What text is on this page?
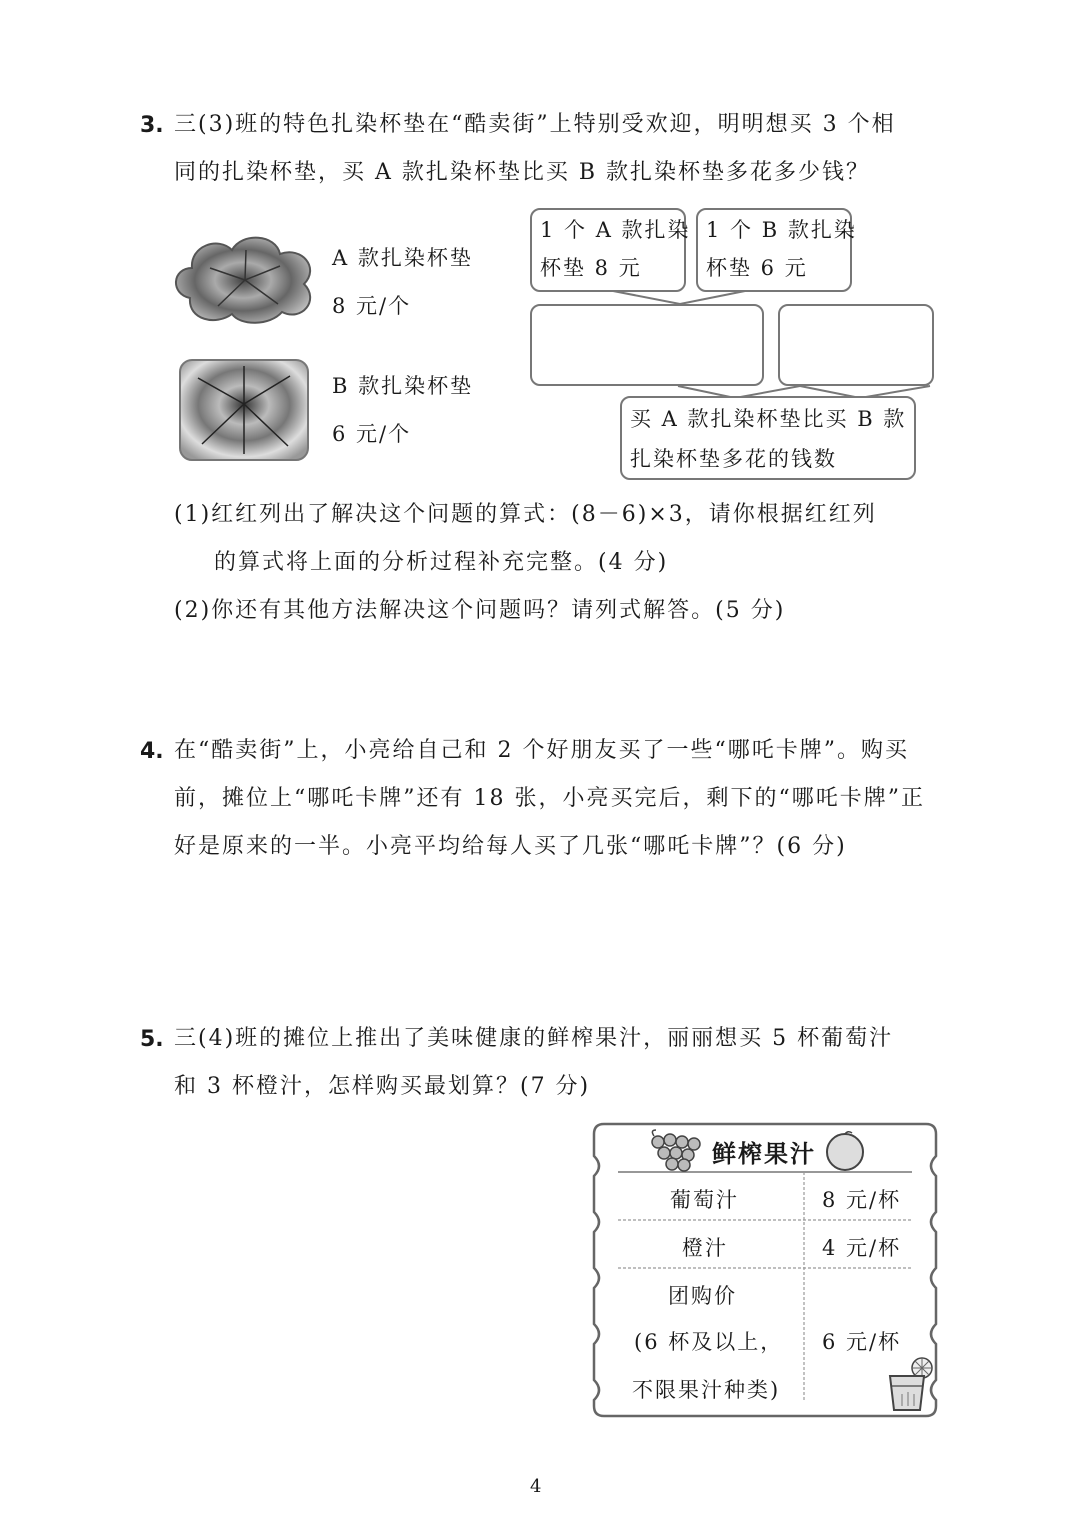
3. 三(3)班的特色扎染杯垫在“酷卖街”上特别受欢迎，明明想买 3 个相
同的扎染杯垫，买 A 款扎染杯垫比买 B 款扎染杯垫多花多少钱？
A 款扎染杯垫
8 元/个
B 款扎染杯垫
6 元/个
1 个 A 款扎染
杯垫 8 元
1 个 B 款扎染
杯垫 6 元
买 A 款扎染杯垫比买 B 款
扎染杯垫多花的钱数
(1)红红列出了解决这个问题的算式：(8－6)×3，请你根据红红列
的算式将上面的分析过程补充完整。(4 分)
(2)你还有其他方法解决这个问题吗？请列式解答。(5 分)
4. 在“酷卖街”上，小亮给自己和 2 个好朋友买了一些“哪吒卡牌”。购买
前，摊位上“哪吒卡牌”还有 18 张，小亮买完后，剩下的“哪吒卡牌”正
好是原来的一半。小亮平均给每人买了几张“哪吒卡牌”？(6 分)
5. 三(4)班的摊位上推出了美味健康的鲜榨果汁，丽丽想买 5 杯葡萄汁
和 3 杯橙汁，怎样购买最划算？(7 分)
鲜榨果汁
葡萄汁	8 元/杯
橙汁	4 元/杯
团购价
(6 杯及以上，
不限果汁种类)
6 元/杯
4
